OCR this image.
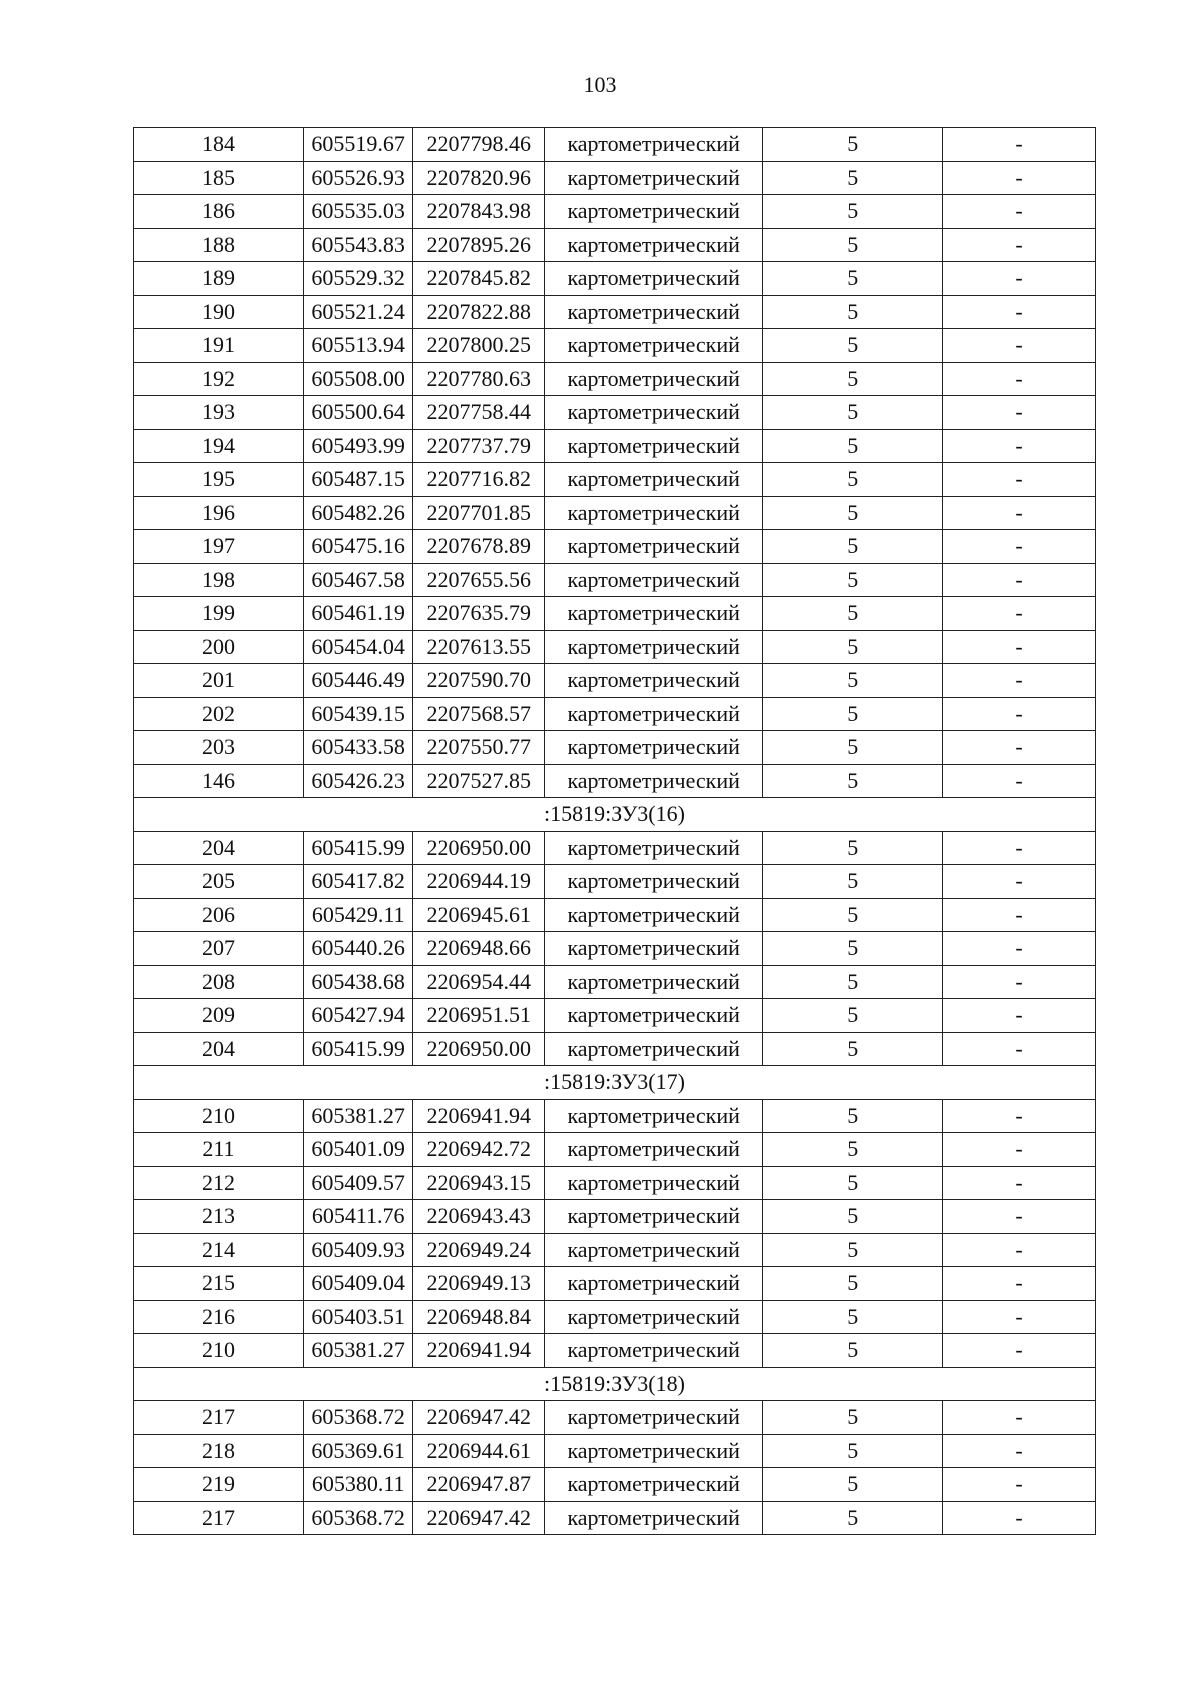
103
184	605519.67	2207798.46	картометрический	5	-
185	605526.93	2207820.96	картометрический	5	-
186	605535.03	2207843.98	картометрический	5	-
188	605543.83	2207895.26	картометрический	5	-
189	605529.32	2207845.82	картометрический	5	-
190	605521.24	2207822.88	картометрический	5	-
191	605513.94	2207800.25	картометрический	5	-
192	605508.00	2207780.63	картометрический	5	-
193	605500.64	2207758.44	картометрический	5	-
194	605493.99	2207737.79	картометрический	5	-
195	605487.15	2207716.82	картометрический	5	-
196	605482.26	2207701.85	картометрический	5	-
197	605475.16	2207678.89	картометрический	5	-
198	605467.58	2207655.56	картометрический	5	-
199	605461.19	2207635.79	картометрический	5	-
200	605454.04	2207613.55	картометрический	5	-
201	605446.49	2207590.70	картометрический	5	-
202	605439.15	2207568.57	картометрический	5	-
203	605433.58	2207550.77	картометрический	5	-
146	605426.23	2207527.85	картометрический	5	-
:15819:ЗУ3(16)					
204	605415.99	2206950.00	картометрический	5	-
205	605417.82	2206944.19	картометрический	5	-
206	605429.11	2206945.61	картометрический	5	-
207	605440.26	2206948.66	картометрический	5	-
208	605438.68	2206954.44	картометрический	5	-
209	605427.94	2206951.51	картометрический	5	-
204	605415.99	2206950.00	картометрический	5	-
:15819:ЗУ3(17)					
210	605381.27	2206941.94	картометрический	5	-
211	605401.09	2206942.72	картометрический	5	-
212	605409.57	2206943.15	картометрический	5	-
213	605411.76	2206943.43	картометрический	5	-
214	605409.93	2206949.24	картометрический	5	-
215	605409.04	2206949.13	картометрический	5	-
216	605403.51	2206948.84	картометрический	5	-
210	605381.27	2206941.94	картометрический	5	-
:15819:ЗУ3(18)					
217	605368.72	2206947.42	картометрический	5	-
218	605369.61	2206944.61	картометрический	5	-
219	605380.11	2206947.87	картометрический	5	-
217	605368.72	2206947.42	картометрический	5	-
